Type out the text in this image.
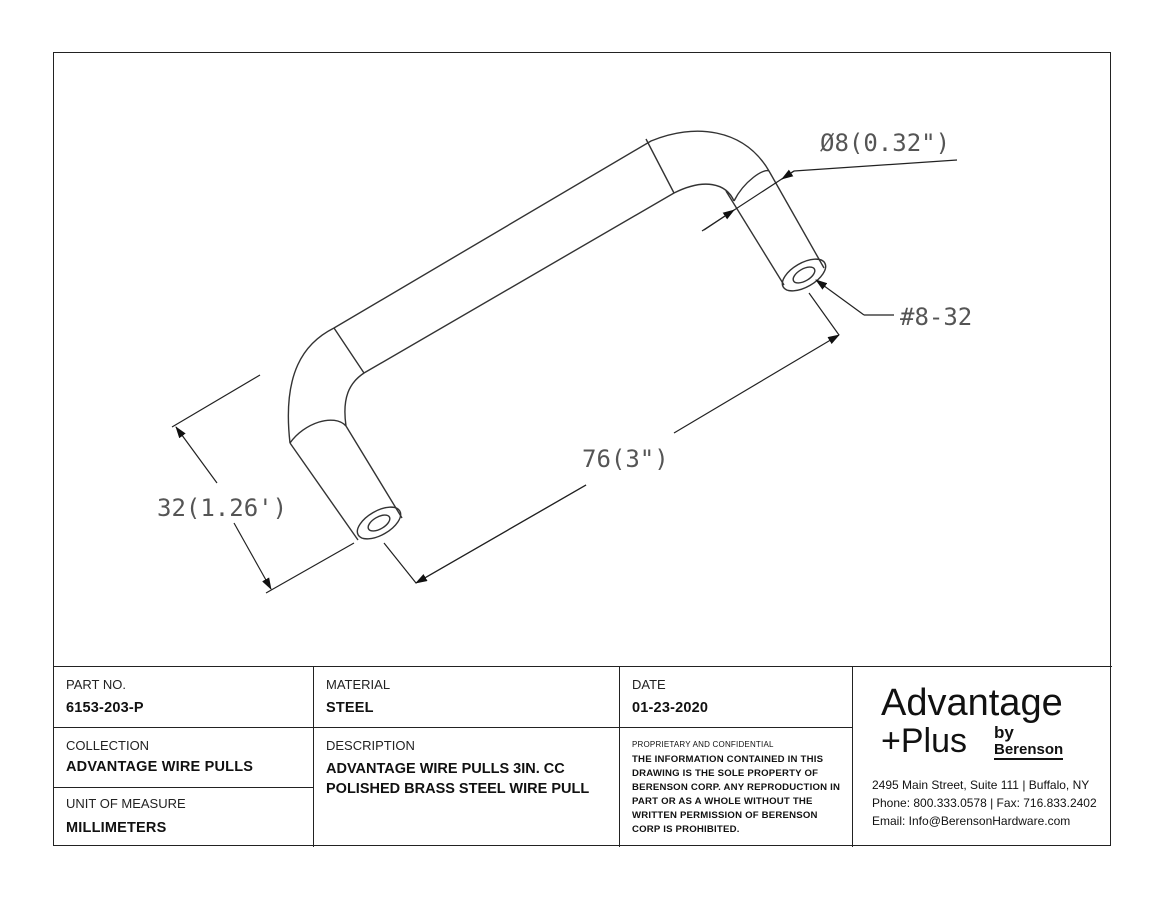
Ø8(0.32")
#8-32
76(3")
32(1.26')
PART NO.
6153-203-P
MATERIAL
STEEL
DATE
01-23-2020
COLLECTION
ADVANTAGE WIRE PULLS
UNIT OF MEASURE
MILLIMETERS
DESCRIPTION
ADVANTAGE WIRE PULLS 3IN. CC POLISHED BRASS STEEL WIRE PULL
PROPRIETARY AND CONFIDENTIAL
THE INFORMATION CONTAINED IN THIS DRAWING IS THE SOLE PROPERTY OF BERENSON CORP. ANY REPRODUCTION IN PART OR AS A WHOLE WITHOUT THE WRITTEN PERMISSION OF BERENSON CORP IS PROHIBITED.
Advantage
+Plus by
Berenson
2495 Main Street, Suite 111 | Buffalo, NY
Phone: 800.333.0578 | Fax: 716.833.2402
Email: Info@BerensonHardware.com
